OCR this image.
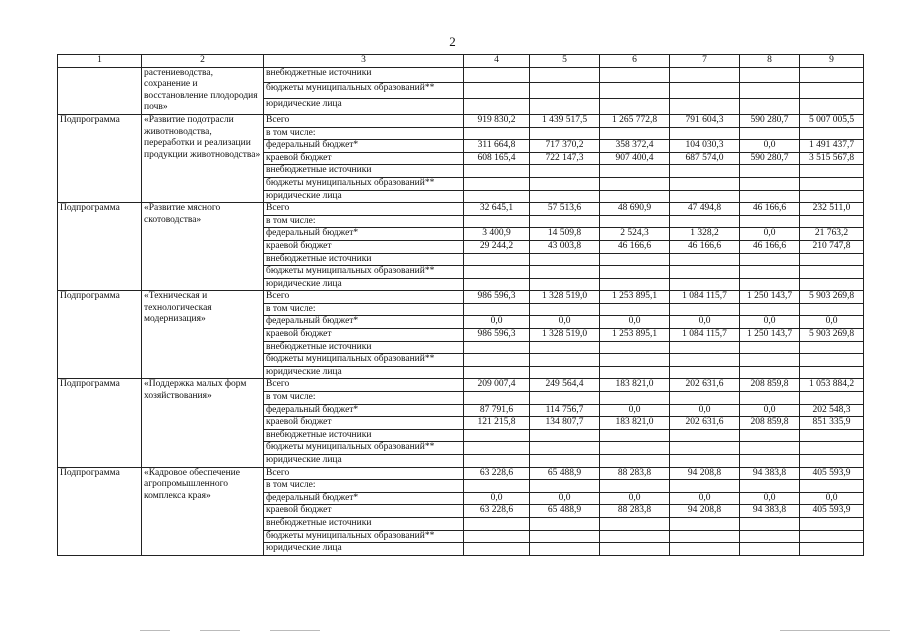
2
1	2	3	4	5	6	7	8	9
	растениеводства, сохранение и восстановление плодородия почв»	внебюджетные источники						
		бюджеты муниципальных образований**						
		юридические лица						
Подпрограмма	«Развитие подотрасли животноводства, переработки и реализации продукции животноводства»	Всего	919 830,2	1 439 517,5	1 265 772,8	791 604,3	590 280,7	5 007 005,5
		в том числе:						
		федеральный бюджет*	311 664,8	717 370,2	358 372,4	104 030,3	0,0	1 491 437,7
		краевой бюджет	608 165,4	722 147,3	907 400,4	687 574,0	590 280,7	3 515 567,8
		внебюджетные источники						
		бюджеты муниципальных образований**						
		юридические лица						
Подпрограмма	«Развитие мясного скотоводства»	Всего	32 645,1	57 513,6	48 690,9	47 494,8	46 166,6	232 511,0
		в том числе:						
		федеральный бюджет*	3 400,9	14 509,8	2 524,3	1 328,2	0,0	21 763,2
		краевой бюджет	29 244,2	43 003,8	46 166,6	46 166,6	46 166,6	210 747,8
		внебюджетные источники						
		бюджеты муниципальных образований**						
		юридические лица						
Подпрограмма	«Техническая и технологическая модернизация»	Всего	986 596,3	1 328 519,0	1 253 895,1	1 084 115,7	1 250 143,7	5 903 269,8
		в том числе:						
		федеральный бюджет*	0,0	0,0	0,0	0,0	0,0	0,0
		краевой бюджет	986 596,3	1 328 519,0	1 253 895,1	1 084 115,7	1 250 143,7	5 903 269,8
		внебюджетные источники						
		бюджеты муниципальных образований**						
		юридические лица						
Подпрограмма	«Поддержка малых форм хозяйствования»	Всего	209 007,4	249 564,4	183 821,0	202 631,6	208 859,8	1 053 884,2
		в том числе:						
		федеральный бюджет*	87 791,6	114 756,7	0,0	0,0	0,0	202 548,3
		краевой бюджет	121 215,8	134 807,7	183 821,0	202 631,6	208 859,8	851 335,9
		внебюджетные источники						
		бюджеты муниципальных образований**						
		юридические лица						
Подпрограмма	«Кадровое обеспечение агропромышленного комплекса края»	Всего	63 228,6	65 488,9	88 283,8	94 208,8	94 383,8	405 593,9
		в том числе:						
		федеральный бюджет*	0,0	0,0	0,0	0,0	0,0	0,0
		краевой бюджет	63 228,6	65 488,9	88 283,8	94 208,8	94 383,8	405 593,9
		внебюджетные источники						
		бюджеты муниципальных образований**						
		юридические лица						
